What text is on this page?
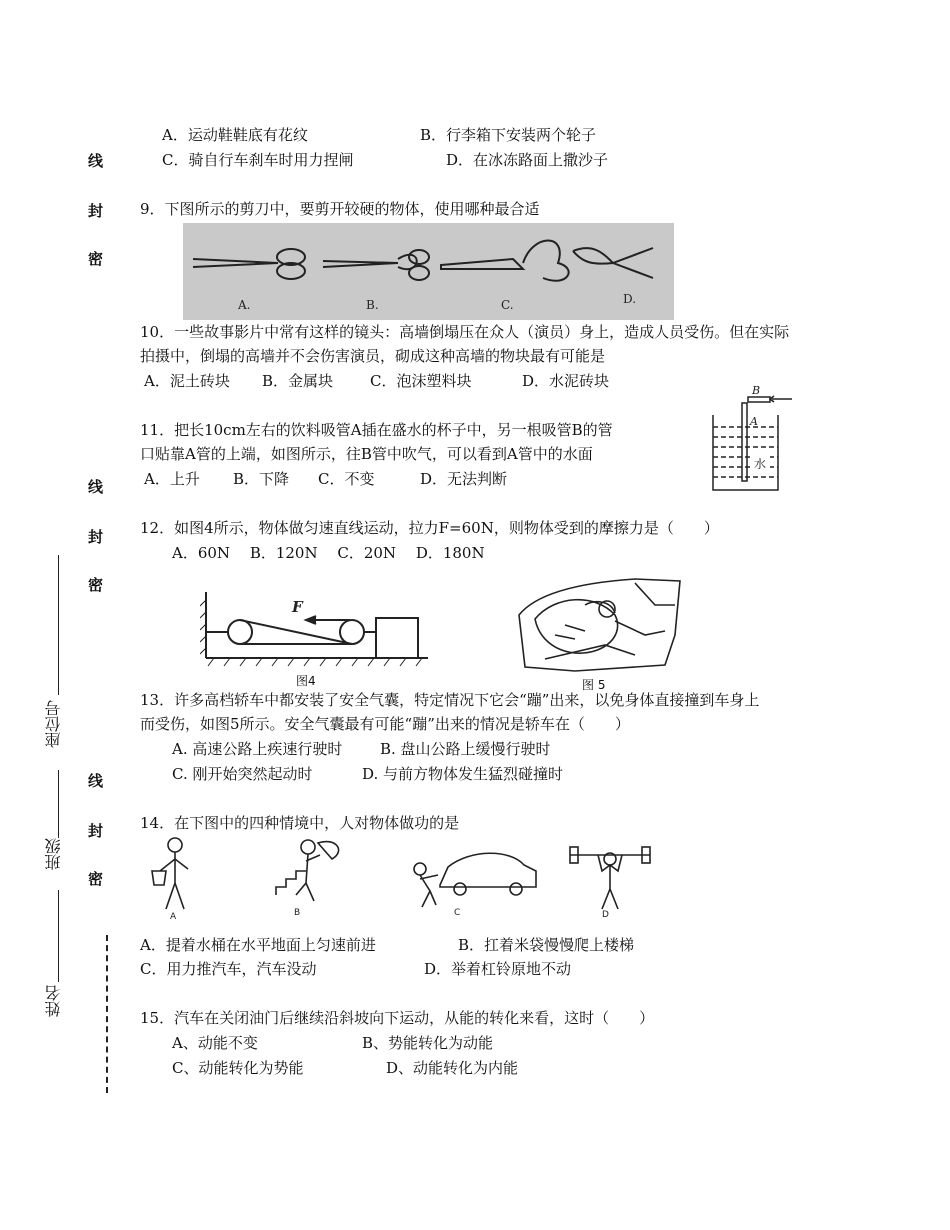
线
封
密
线
封
密
线
封
密
座位号
班级
姓名
A．运动鞋鞋底有花纹	B．行李箱下安装两个轮子
C．骑自行车刹车时用力捏闸	D．在冰冻路面上撒沙子
9．下图所示的剪刀中，要剪开较硬的物体，使用哪种最合适
A.	B.	C.	D.
10．一些故事影片中常有这样的镜头：高墙倒塌压在众人（演员）身上，造成人员受伤。但在实际
拍摄中，倒塌的高墙并不会伤害演员，砌成这种高墙的物块最有可能是
A．泥土砖块 B．金属块 C．泡沫塑料块	D．水泥砖块
11．把长10cm左右的饮料吸管A插在盛水的杯子中，另一根吸管B的管
口贴靠A管的上端，如图所示，往B管中吹气，可以看到A管中的水面
A．上升 B．下降 C．不变	D．无法判断
B
A
水
12．如图4所示，物体做匀速直线运动，拉力F=60N，则物体受到的摩擦力是（　　）
A．60N　 B．120N　 C．20N　 D．180N
F
图4	图 5
13．许多高档轿车中都安装了安全气囊，特定情况下它会“蹦”出来，以免身体直接撞到车身上
而受伤，如图5所示。安全气囊最有可能“蹦”出来的情况是轿车在（　　）
A. 高速公路上疾速行驶时	B. 盘山公路上缓慢行驶时
C. 刚开始突然起动时	D. 与前方物体发生猛烈碰撞时
14．在下图中的四种情境中，人对物体做功的是
A	B	C	D
A．提着水桶在水平地面上匀速前进	B．扛着米袋慢慢爬上楼梯
C．用力推汽车，汽车没动	D．举着杠铃原地不动
15．汽车在关闭油门后继续沿斜坡向下运动，从能的转化来看，这时（　　）
A、动能不变	B、势能转化为动能
C、动能转化为势能	D、动能转化为内能
